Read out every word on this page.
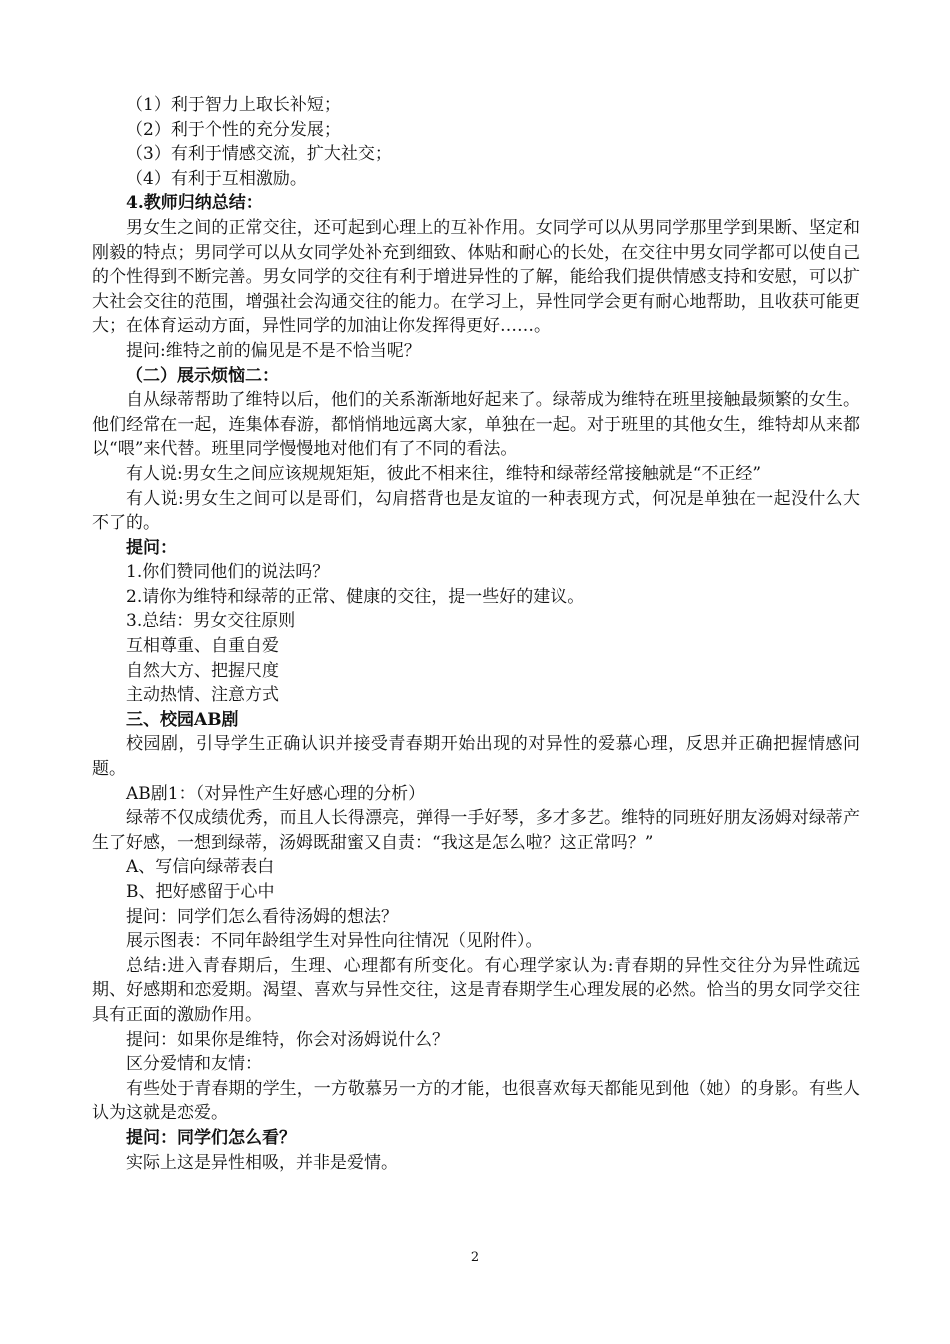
（1）利于智力上取长补短；

（2）利于个性的充分发展；

（3）有利于情感交流，扩大社交；

（4）有利于互相激励。

4.教师归纳总结：

男女生之间的正常交往，还可起到心理上的互补作用。女同学可以从男同学那里学到果断、坚定和刚毅的特点；男同学可以从女同学处补充到细致、体贴和耐心的长处，在交往中男女同学都可以使自己的个性得到不断完善。男女同学的交往有利于增进异性的了解，能给我们提供情感支持和安慰，可以扩大社会交往的范围，增强社会沟通交往的能力。在学习上，异性同学会更有耐心地帮助，且收获可能更大；在体育运动方面，异性同学的加油让你发挥得更好……。

提问:维特之前的偏见是不是不恰当呢？

（二）展示烦恼二：

自从绿蒂帮助了维特以后，他们的关系渐渐地好起来了。绿蒂成为维特在班里接触最频繁的女生。他们经常在一起，连集体春游，都悄悄地远离大家，单独在一起。对于班里的其他女生，维特却从来都以“喂”来代替。班里同学慢慢地对他们有了不同的看法。

有人说:男女生之间应该规规矩矩，彼此不相来往，维特和绿蒂经常接触就是“不正经”

有人说:男女生之间可以是哥们，勾肩搭背也是友谊的一种表现方式，何况是单独在一起没什么大不了的。

提问：

1.你们赞同他们的说法吗？

2.请你为维特和绿蒂的正常、健康的交往，提一些好的建议。

3.总结：男女交往原则

互相尊重、自重自爱

自然大方、把握尺度

主动热情、注意方式

三、校园AB剧

校园剧，引导学生正确认识并接受青春期开始出现的对异性的爱慕心理，反思并正确把握情感问题。

AB剧1：（对异性产生好感心理的分析）

绿蒂不仅成绩优秀，而且人长得漂亮，弹得一手好琴，多才多艺。维特的同班好朋友汤姆对绿蒂产生了好感，一想到绿蒂，汤姆既甜蜜又自责：“我这是怎么啦？这正常吗？”

A、写信向绿蒂表白

B、把好感留于心中

提问：同学们怎么看待汤姆的想法？

展示图表：不同年龄组学生对异性向往情况（见附件）。

总结:进入青春期后，生理、心理都有所变化。有心理学家认为:青春期的异性交往分为异性疏远期、好感期和恋爱期。渴望、喜欢与异性交往，这是青春期学生心理发展的必然。恰当的男女同学交往具有正面的激励作用。

提问：如果你是维特，你会对汤姆说什么？

区分爱情和友情：

有些处于青春期的学生，一方敬慕另一方的才能，也很喜欢每天都能见到他（她）的身影。有些人认为这就是恋爱。

提问：同学们怎么看？

实际上这是异性相吸，并非是爱情。

2
